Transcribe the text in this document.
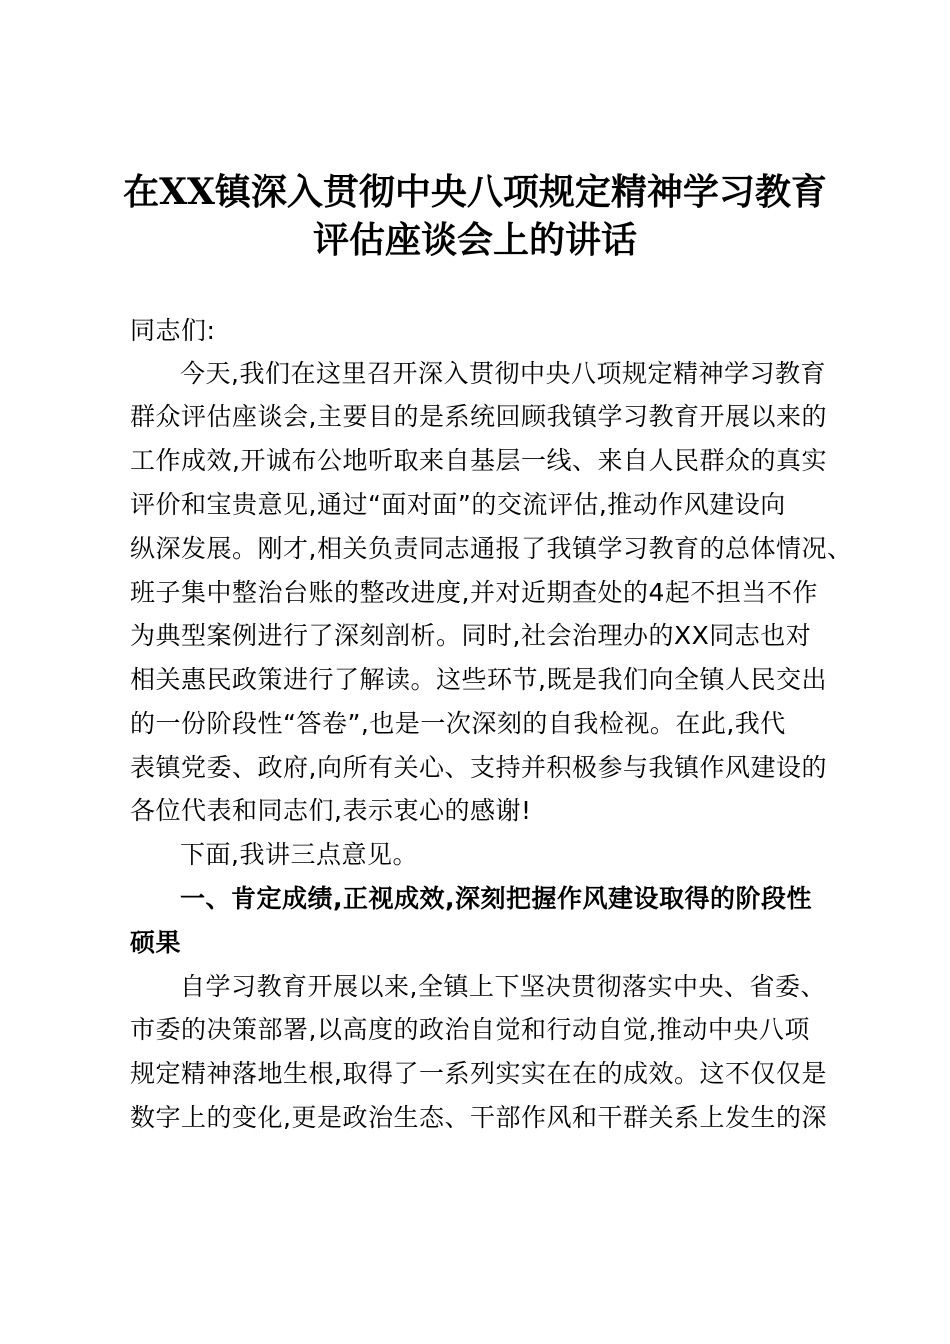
在XX镇深入贯彻中央八项规定精神学习教育
评估座谈会上的讲话
同志们:
今天,我们在这里召开深入贯彻中央八项规定精神学习教育
群众评估座谈会,主要目的是系统回顾我镇学习教育开展以来的
工作成效,开诚布公地听取来自基层一线、来自人民群众的真实
评价和宝贵意见,通过“面对面”的交流评估,推动作风建设向
纵深发展。刚才,相关负责同志通报了我镇学习教育的总体情况、
班子集中整治台账的整改进度,并对近期查处的4起不担当不作
为典型案例进行了深刻剖析。同时,社会治理办的XX同志也对
相关惠民政策进行了解读。这些环节,既是我们向全镇人民交出
的一份阶段性“答卷”,也是一次深刻的自我检视。在此,我代
表镇党委、政府,向所有关心、支持并积极参与我镇作风建设的
各位代表和同志们,表示衷心的感谢!
下面,我讲三点意见。
一、肯定成绩,正视成效,深刻把握作风建设取得的阶段性
硕果
自学习教育开展以来,全镇上下坚决贯彻落实中央、省委、
市委的决策部署,以高度的政治自觉和行动自觉,推动中央八项
规定精神落地生根,取得了一系列实实在在的成效。这不仅仅是
数字上的变化,更是政治生态、干部作风和干群关系上发生的深
